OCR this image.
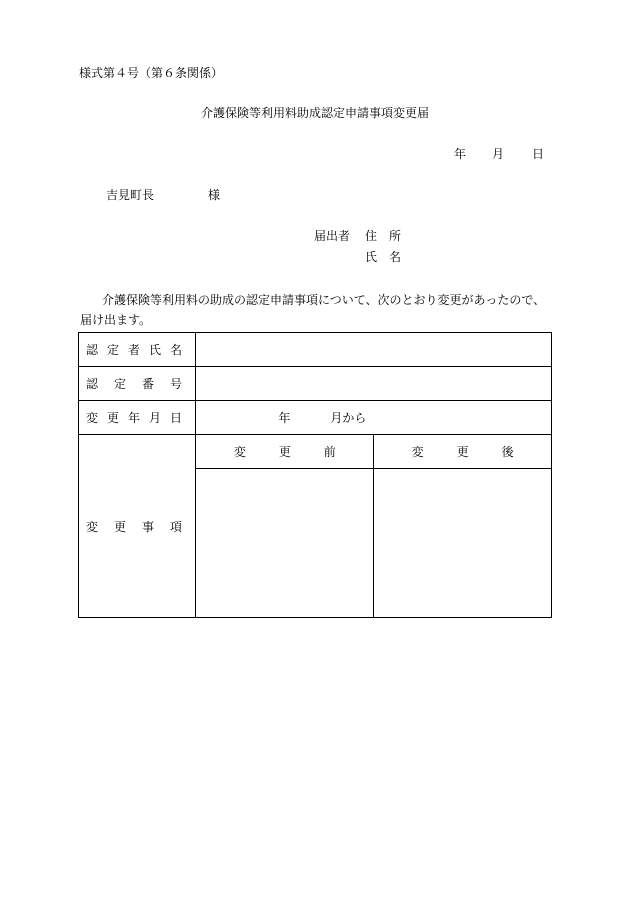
様式第４号（第６条関係）
介護保険等利用料助成認定申請事項変更届
年	月	日
吉見町長	様
届出者	住 所
氏 名
介護保険等利用料の助成の認定申請事項について、次のとおり変更があったので、
届け出ます。
認 定 者 氏 名		

認 定 番 号		

変 更 年 月 日	年 月から	

変 更 事 項	変 更 前	変 更 後
